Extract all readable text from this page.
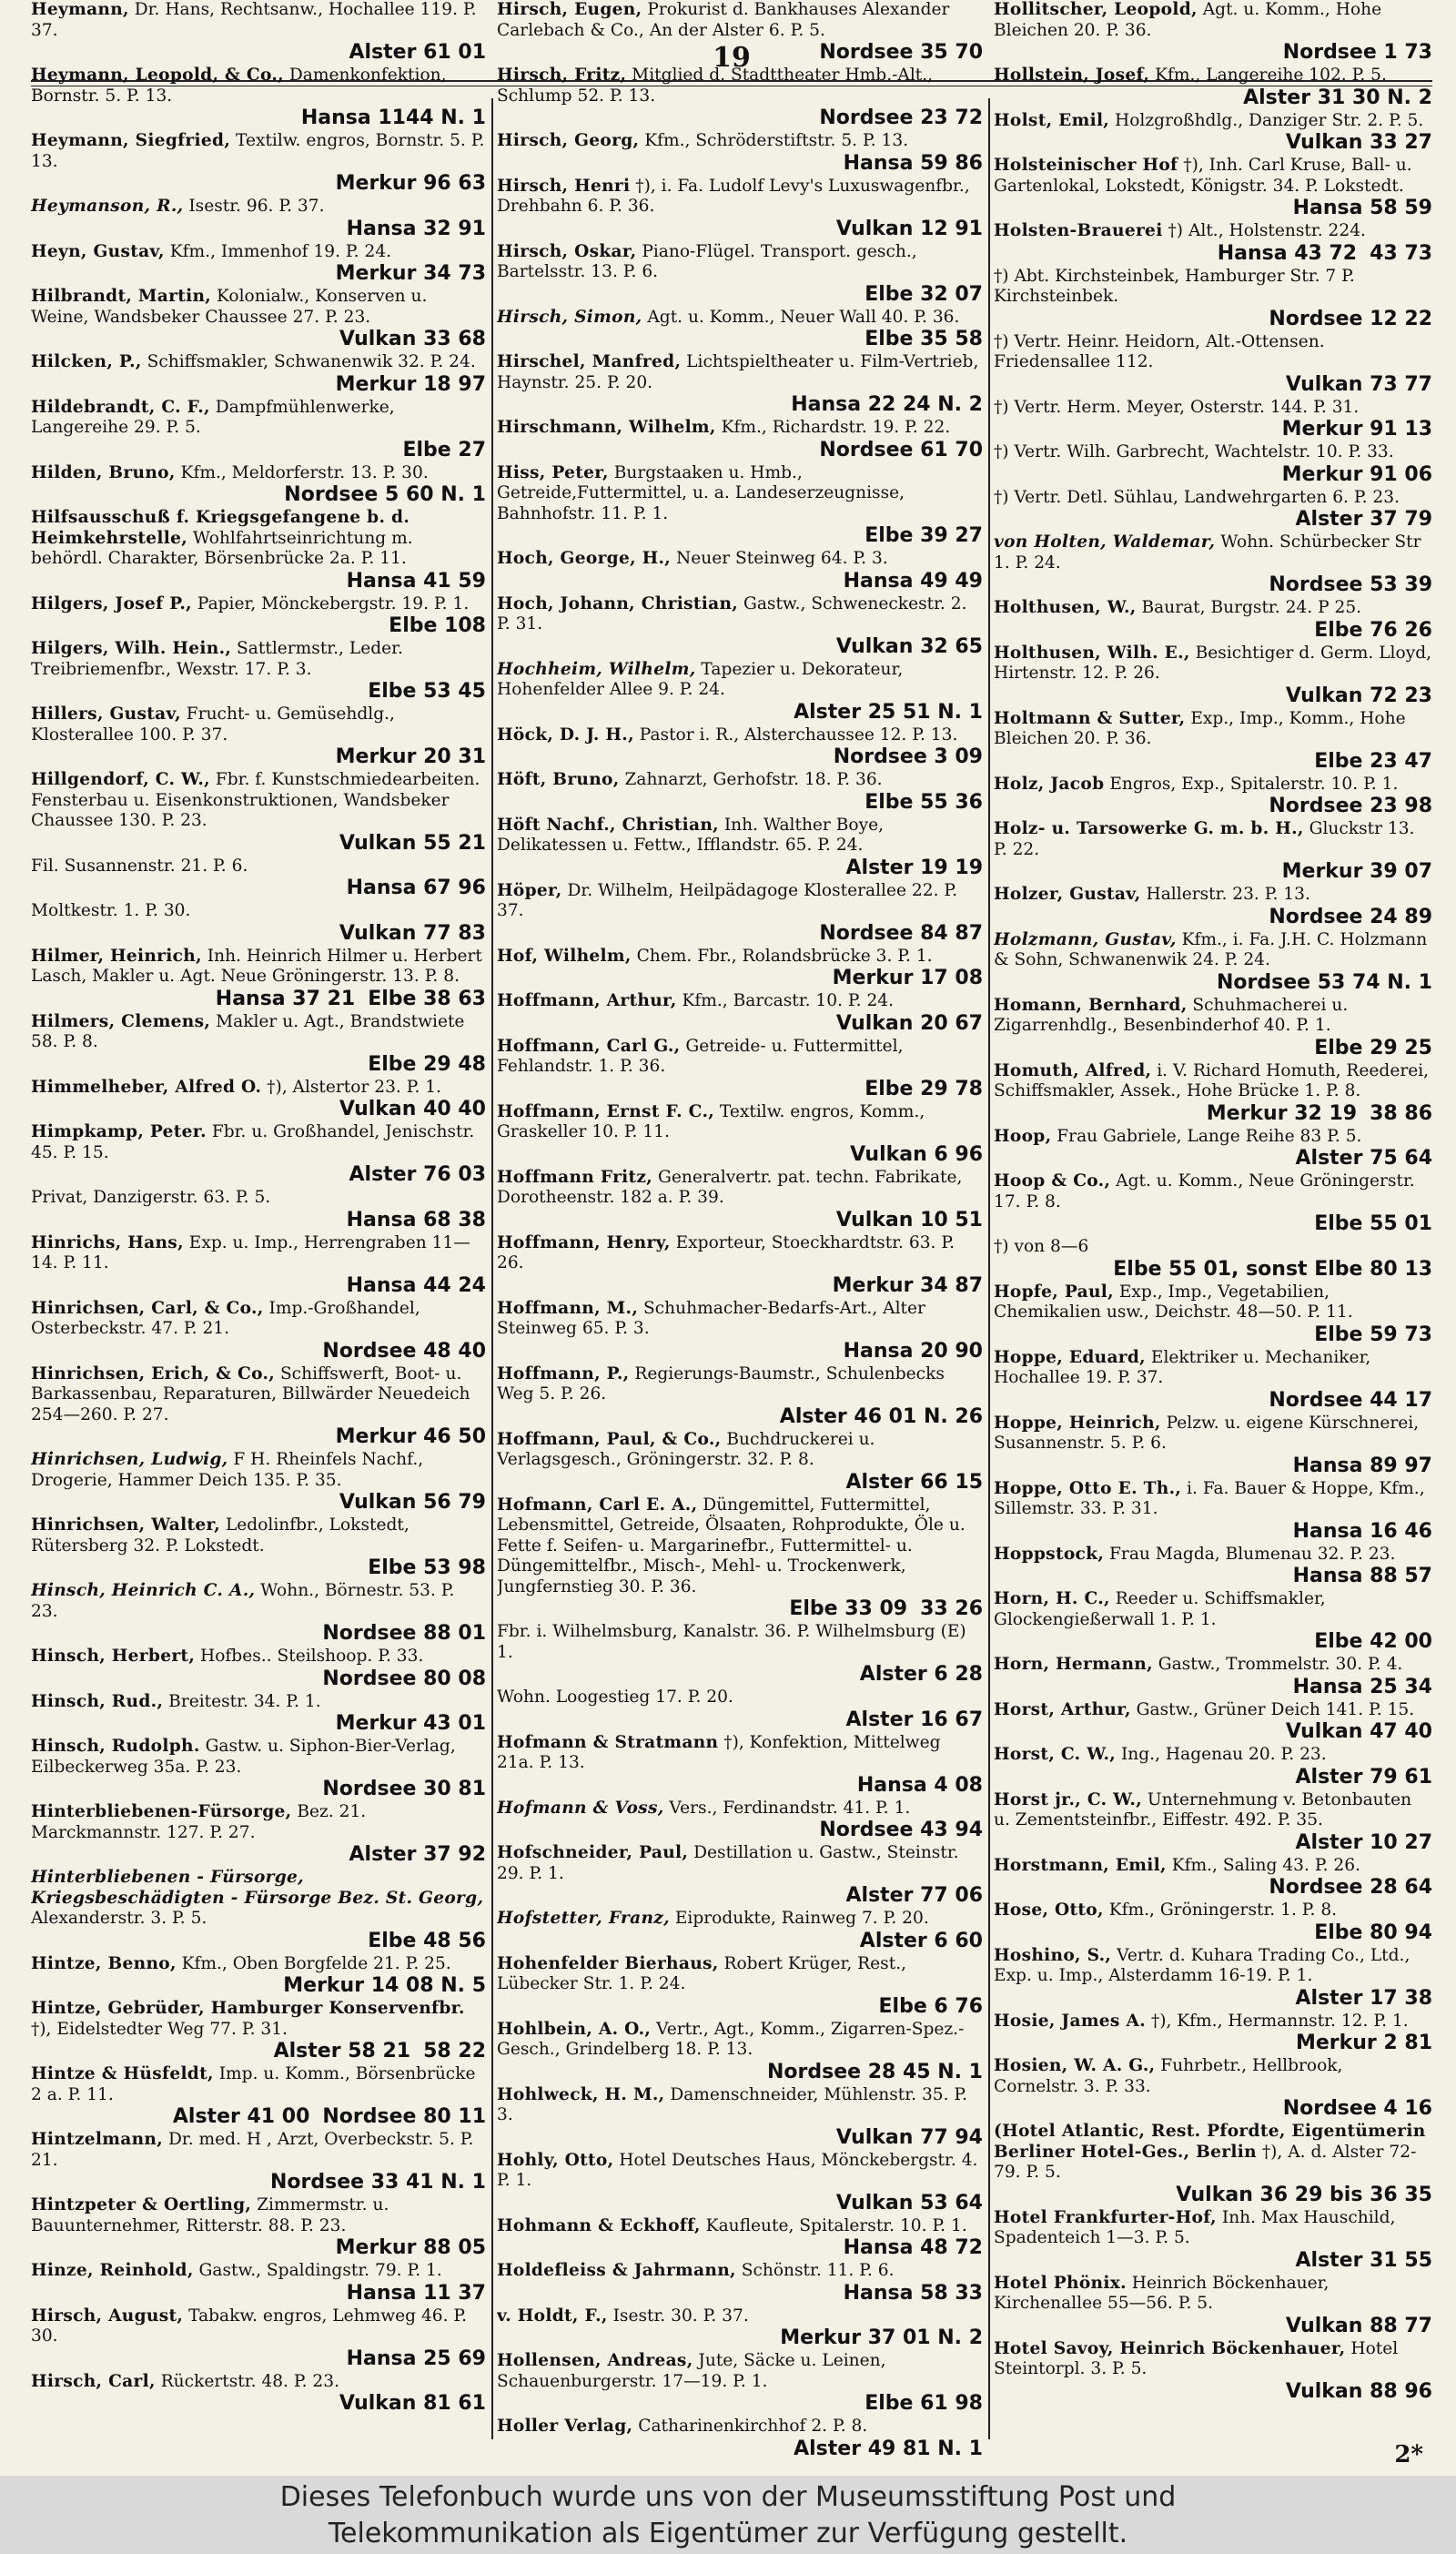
19
Heymann, Dr. Hans, Rechtsanw., Hochallee 119. P. 37.
Alster 61 01
Heymann, Leopold, & Co., Damenkonfektion, Bornstr. 5. P. 13.
Hansa 1144 N. 1
Heymann, Siegfried, Textilw. engros, Bornstr. 5. P. 13.
Merkur 96 63
Heymanson, R., Isestr. 96. P. 37.
Hansa 32 91
Heyn, Gustav, Kfm., Immenhof 19. P. 24.
Merkur 34 73
Hilbrandt, Martin, Kolonialw., Konserven u. Weine, Wandsbeker Chaussee 27. P. 23.
Vulkan 33 68
Hilcken, P., Schiffsmakler, Schwanenwik 32. P. 24.
Merkur 18 97
Hildebrandt, C. F., Dampfmühlenwerke, Langereihe 29. P. 5.
Elbe 27
Hilden, Bruno, Kfm., Meldorferstr. 13. P. 30.
Nordsee 5 60 N. 1
Hilfsausschuß f. Kriegsgefangene b. d. Heimkehrstelle, Wohlfahrtseinrichtung m. behördl. Charakter, Börsenbrücke 2a. P. 11.
Hansa 41 59
Hilgers, Josef P., Papier, Mönckebergstr. 19. P. 1.
Elbe 108
Hilgers, Wilh. Hein., Sattlermstr., Leder. Treibriemenfbr., Wexstr. 17. P. 3.
Elbe 53 45
Hillers, Gustav, Frucht- u. Gemüsehdlg., Klosterallee 100. P. 37.
Merkur 20 31
Hillgendorf, C. W., Fbr. f. Kunstschmiedearbeiten. Fensterbau u. Eisenkonstruktionen, Wandsbeker Chaussee 130. P. 23.
Vulkan 55 21
Fil. Susannenstr. 21. P. 6.
Hansa 67 96
Moltkestr. 1. P. 30.
Vulkan 77 83
Hilmer, Heinrich, Inh. Heinrich Hilmer u. Herbert Lasch, Makler u. Agt. Neue Gröningerstr. 13. P. 8.
Hansa 37 21 Elbe 38 63
Hilmers, Clemens, Makler u. Agt., Brandstwiete 58. P. 8.
Elbe 29 48
Himmelheber, Alfred O. †), Alstertor 23. P. 1.
Vulkan 40 40
Himpkamp, Peter. Fbr. u. Großhandel, Jenischstr. 45. P. 15.
Alster 76 03
Privat, Danzigerstr. 63. P. 5.
Hansa 68 38
Hinrichs, Hans, Exp. u. Imp., Herrengraben 11—14. P. 11.
Hansa 44 24
Hinrichsen, Carl, & Co., Imp.-Großhandel, Osterbeckstr. 47. P. 21.
Nordsee 48 40
Hinrichsen, Erich, & Co., Schiffswerft, Boot- u. Barkassenbau, Reparaturen, Billwärder Neuedeich 254—260. P. 27.
Merkur 46 50
Hinrichsen, Ludwig, F H. Rheinfels Nachf., Drogerie, Hammer Deich 135. P. 35.
Vulkan 56 79
Hinrichsen, Walter, Ledolinfbr., Lokstedt, Rütersberg 32. P. Lokstedt.
Elbe 53 98
Hinsch, Heinrich C. A., Wohn., Börnestr. 53. P. 23.
Nordsee 88 01
Hinsch, Herbert, Hofbes.. Steilshoop. P. 33.
Nordsee 80 08
Hinsch, Rud., Breitestr. 34. P. 1.
Merkur 43 01
Hinsch, Rudolph. Gastw. u. Siphon-Bier-Verlag, Eilbeckerweg 35a. P. 23.
Nordsee 30 81
Hinterbliebenen-Fürsorge, Bez. 21. Marckmannstr. 127. P. 27.
Alster 37 92
Hinterbliebenen - Fürsorge, Kriegsbeschädigten - Fürsorge Bez. St. Georg, Alexanderstr. 3. P. 5.
Elbe 48 56
Hintze, Benno, Kfm., Oben Borgfelde 21. P. 25.
Merkur 14 08 N. 5
Hintze, Gebrüder, Hamburger Konservenfbr. †), Eidelstedter Weg 77. P. 31.
Alster 58 21 58 22
Hintze & Hüsfeldt, Imp. u. Komm., Börsenbrücke 2 a. P. 11.
Alster 41 00 Nordsee 80 11
Hintzelmann, Dr. med. H , Arzt, Overbeckstr. 5. P. 21.
Nordsee 33 41 N. 1
Hintzpeter & Oertling, Zimmermstr. u. Bauunternehmer, Ritterstr. 88. P. 23.
Merkur 88 05
Hinze, Reinhold, Gastw., Spaldingstr. 79. P. 1.
Hansa 11 37
Hirsch, August, Tabakw. engros, Lehmweg 46. P. 30.
Hansa 25 69
Hirsch, Carl, Rückertstr. 48. P. 23.
Vulkan 81 61
Hirsch, Eugen, Prokurist d. Bankhauses Alexander Carlebach & Co., An der Alster 6. P. 5.
Nordsee 35 70
Hirsch, Fritz, Mitglied d. Stadttheater Hmb.-Alt., Schlump 52. P. 13.
Nordsee 23 72
Hirsch, Georg, Kfm., Schröderstiftstr. 5. P. 13.
Hansa 59 86
Hirsch, Henri †), i. Fa. Ludolf Levy's Luxuswagenfbr., Drehbahn 6. P. 36.
Vulkan 12 91
Hirsch, Oskar, Piano-Flügel. Transport. gesch., Bartelsstr. 13. P. 6.
Elbe 32 07
Hirsch, Simon, Agt. u. Komm., Neuer Wall 40. P. 36.
Elbe 35 58
Hirschel, Manfred, Lichtspieltheater u. Film-Vertrieb, Haynstr. 25. P. 20.
Hansa 22 24 N. 2
Hirschmann, Wilhelm, Kfm., Richardstr. 19. P. 22.
Nordsee 61 70
Hiss, Peter, Burgstaaken u. Hmb., Getreide,Futtermittel, u. a. Landeserzeugnisse, Bahnhofstr. 11. P. 1.
Elbe 39 27
Hoch, George, H., Neuer Steinweg 64. P. 3.
Hansa 49 49
Hoch, Johann, Christian, Gastw., Schweneckestr. 2. P. 31.
Vulkan 32 65
Hochheim, Wilhelm, Tapezier u. Dekorateur, Hohenfelder Allee 9. P. 24.
Alster 25 51 N. 1
Höck, D. J. H., Pastor i. R., Alsterchaussee 12. P. 13.
Nordsee 3 09
Höft, Bruno, Zahnarzt, Gerhofstr. 18. P. 36.
Elbe 55 36
Höft Nachf., Christian, Inh. Walther Boye, Delikatessen u. Fettw., Ifflandstr. 65. P. 24.
Alster 19 19
Höper, Dr. Wilhelm, Heilpädagoge Klosterallee 22. P. 37.
Nordsee 84 87
Hof, Wilhelm, Chem. Fbr., Rolandsbrücke 3. P. 1.
Merkur 17 08
Hoffmann, Arthur, Kfm., Barcastr. 10. P. 24.
Vulkan 20 67
Hoffmann, Carl G., Getreide- u. Futtermittel, Fehlandstr. 1. P. 36.
Elbe 29 78
Hoffmann, Ernst F. C., Textilw. engros, Komm., Graskeller 10. P. 11.
Vulkan 6 96
Hoffmann Fritz, Generalvertr. pat. techn. Fabrikate, Dorotheenstr. 182 a. P. 39.
Vulkan 10 51
Hoffmann, Henry, Exporteur, Stoeckhardtstr. 63. P. 26.
Merkur 34 87
Hoffmann, M., Schuhmacher-Bedarfs-Art., Alter Steinweg 65. P. 3.
Hansa 20 90
Hoffmann, P., Regierungs-Baumstr., Schulenbecks Weg 5. P. 26.
Alster 46 01 N. 26
Hoffmann, Paul, & Co., Buchdruckerei u. Verlagsgesch., Gröningerstr. 32. P. 8.
Alster 66 15
Hofmann, Carl E. A., Düngemittel, Futtermittel, Lebensmittel, Getreide, Ölsaaten, Rohprodukte, Öle u. Fette f. Seifen- u. Margarinefbr., Futtermittel- u. Düngemittelfbr., Misch-, Mehl- u. Trockenwerk, Jungfernstieg 30. P. 36.
Elbe 33 09 33 26
Fbr. i. Wilhelmsburg, Kanalstr. 36. P. Wilhelmsburg (E) 1.
Alster 6 28
Wohn. Loogestieg 17. P. 20.
Alster 16 67
Hofmann & Stratmann †), Konfektion, Mittelweg 21a. P. 13.
Hansa 4 08
Hofmann & Voss, Vers., Ferdinandstr. 41. P. 1.
Nordsee 43 94
Hofschneider, Paul, Destillation u. Gastw., Steinstr. 29. P. 1.
Alster 77 06
Hofstetter, Franz, Eiprodukte, Rainweg 7. P. 20.
Alster 6 60
Hohenfelder Bierhaus, Robert Krüger, Rest., Lübecker Str. 1. P. 24.
Elbe 6 76
Hohlbein, A. O., Vertr., Agt., Komm., Zigarren-Spez.-Gesch., Grindelberg 18. P. 13.
Nordsee 28 45 N. 1
Hohlweck, H. M., Damenschneider, Mühlenstr. 35. P. 3.
Vulkan 77 94
Hohly, Otto, Hotel Deutsches Haus, Mönckebergstr. 4. P. 1.
Vulkan 53 64
Hohmann & Eckhoff, Kaufleute, Spitalerstr. 10. P. 1.
Hansa 48 72
Holdefleiss & Jahrmann, Schönstr. 11. P. 6.
Hansa 58 33
v. Holdt, F., Isestr. 30. P. 37.
Merkur 37 01 N. 2
Hollensen, Andreas, Jute, Säcke u. Leinen, Schauenburgerstr. 17—19. P. 1.
Elbe 61 98
Holler Verlag, Catharinenkirchhof 2. P. 8.
Alster 49 81 N. 1
Hollitscher, Leopold, Agt. u. Komm., Hohe Bleichen 20. P. 36.
Nordsee 1 73
Hollstein, Josef, Kfm., Langereihe 102. P. 5.
Alster 31 30 N. 2
Holst, Emil, Holzgroßhdlg., Danziger Str. 2. P. 5.
Vulkan 33 27
Holsteinischer Hof †), Inh. Carl Kruse, Ball- u. Gartenlokal, Lokstedt, Königstr. 34. P. Lokstedt.
Hansa 58 59
Holsten-Brauerei †) Alt., Holstenstr. 224.
Hansa 43 72 43 73
†) Abt. Kirchsteinbek, Hamburger Str. 7 P. Kirchsteinbek.
Nordsee 12 22
†) Vertr. Heinr. Heidorn, Alt.-Ottensen. Friedensallee 112.
Vulkan 73 77
†) Vertr. Herm. Meyer, Osterstr. 144. P. 31.
Merkur 91 13
†) Vertr. Wilh. Garbrecht, Wachtelstr. 10. P. 33.
Merkur 91 06
†) Vertr. Detl. Sühlau, Landwehrgarten 6. P. 23.
Alster 37 79
von Holten, Waldemar, Wohn. Schürbecker Str 1. P. 24.
Nordsee 53 39
Holthusen, W., Baurat, Burgstr. 24. P 25.
Elbe 76 26
Holthusen, Wilh. E., Besichtiger d. Germ. Lloyd, Hirtenstr. 12. P. 26.
Vulkan 72 23
Holtmann & Sutter, Exp., Imp., Komm., Hohe Bleichen 20. P. 36.
Elbe 23 47
Holz, Jacob Engros, Exp., Spitalerstr. 10. P. 1.
Nordsee 23 98
Holz- u. Tarsowerke G. m. b. H., Gluckstr 13. P. 22.
Merkur 39 07
Holzer, Gustav, Hallerstr. 23. P. 13.
Nordsee 24 89
Holzmann, Gustav, Kfm., i. Fa. J.H. C. Holzmann & Sohn, Schwanenwik 24. P. 24.
Nordsee 53 74 N. 1
Homann, Bernhard, Schuhmacherei u. Zigarrenhdlg., Besenbinderhof 40. P. 1.
Elbe 29 25
Homuth, Alfred, i. V. Richard Homuth, Reederei, Schiffsmakler, Assek., Hohe Brücke 1. P. 8.
Merkur 32 19 38 86
Hoop, Frau Gabriele, Lange Reihe 83 P. 5.
Alster 75 64
Hoop & Co., Agt. u. Komm., Neue Gröningerstr. 17. P. 8.
Elbe 55 01
†) von 8—6
Elbe 55 01, sonst Elbe 80 13
Hopfe, Paul, Exp., Imp., Vegetabilien, Chemikalien usw., Deichstr. 48—50. P. 11.
Elbe 59 73
Hoppe, Eduard, Elektriker u. Mechaniker, Hochallee 19. P. 37.
Nordsee 44 17
Hoppe, Heinrich, Pelzw. u. eigene Kürschnerei, Susannenstr. 5. P. 6.
Hansa 89 97
Hoppe, Otto E. Th., i. Fa. Bauer & Hoppe, Kfm., Sillemstr. 33. P. 31.
Hansa 16 46
Hoppstock, Frau Magda, Blumenau 32. P. 23.
Hansa 88 57
Horn, H. C., Reeder u. Schiffsmakler, Glockengießerwall 1. P. 1.
Elbe 42 00
Horn, Hermann, Gastw., Trommelstr. 30. P. 4.
Hansa 25 34
Horst, Arthur, Gastw., Grüner Deich 141. P. 15.
Vulkan 47 40
Horst, C. W., Ing., Hagenau 20. P. 23.
Alster 79 61
Horst jr., C. W., Unternehmung v. Betonbauten u. Zementsteinfbr., Eiffestr. 492. P. 35.
Alster 10 27
Horstmann, Emil, Kfm., Saling 43. P. 26.
Nordsee 28 64
Hose, Otto, Kfm., Gröningerstr. 1. P. 8.
Elbe 80 94
Hoshino, S., Vertr. d. Kuhara Trading Co., Ltd., Exp. u. Imp., Alsterdamm 16-19. P. 1.
Alster 17 38
Hosie, James A. †), Kfm., Hermannstr. 12. P. 1.
Merkur 2 81
Hosien, W. A. G., Fuhrbetr., Hellbrook, Cornelstr. 3. P. 33.
Nordsee 4 16
(Hotel Atlantic, Rest. Pfordte, Eigentümerin Berliner Hotel-Ges., Berlin †), A. d. Alster 72-79. P. 5.
Vulkan 36 29 bis 36 35
Hotel Frankfurter-Hof, Inh. Max Hauschild, Spadenteich 1—3. P. 5.
Alster 31 55
Hotel Phönix. Heinrich Böckenhauer, Kirchenallee 55—56. P. 5.
Vulkan 88 77
Hotel Savoy, Heinrich Böckenhauer, Hotel Steintorpl. 3. P. 5.
Vulkan 88 96
2*
Dieses Telefonbuch wurde uns von der Museumsstiftung Post und
Telekommunikation als Eigentümer zur Verfügung gestellt.
